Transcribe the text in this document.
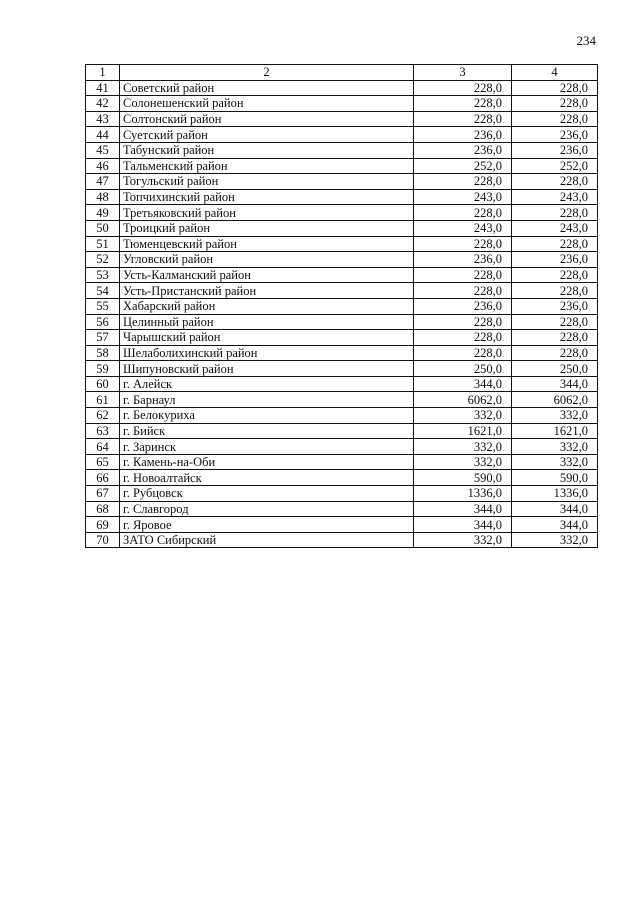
234
1	2	3	4
41	Советский район	228,0	228,0
42	Солонешенский район	228,0	228,0
43	Солтонский район	228,0	228,0
44	Суетский район	236,0	236,0
45	Табунский район	236,0	236,0
46	Тальменский район	252,0	252,0
47	Тогульский район	228,0	228,0
48	Топчихинский район	243,0	243,0
49	Третьяковский район	228,0	228,0
50	Троицкий район	243,0	243,0
51	Тюменцевский район	228,0	228,0
52	Угловский район	236,0	236,0
53	Усть-Калманский район	228,0	228,0
54	Усть-Пристанский район	228,0	228,0
55	Хабарский район	236,0	236,0
56	Целинный район	228,0	228,0
57	Чарышский район	228,0	228,0
58	Шелаболихинский район	228,0	228,0
59	Шипуновский район	250,0	250,0
60	г. Алейск	344,0	344,0
61	г. Барнаул	6062,0	6062,0
62	г. Белокуриха	332,0	332,0
63	г. Бийск	1621,0	1621,0
64	г. Заринск	332,0	332,0
65	г. Камень-на-Оби	332,0	332,0
66	г. Новоалтайск	590,0	590,0
67	г. Рубцовск	1336,0	1336,0
68	г. Славгород	344,0	344,0
69	г. Яровое	344,0	344,0
70	ЗАТО Сибирский	332,0	332,0
